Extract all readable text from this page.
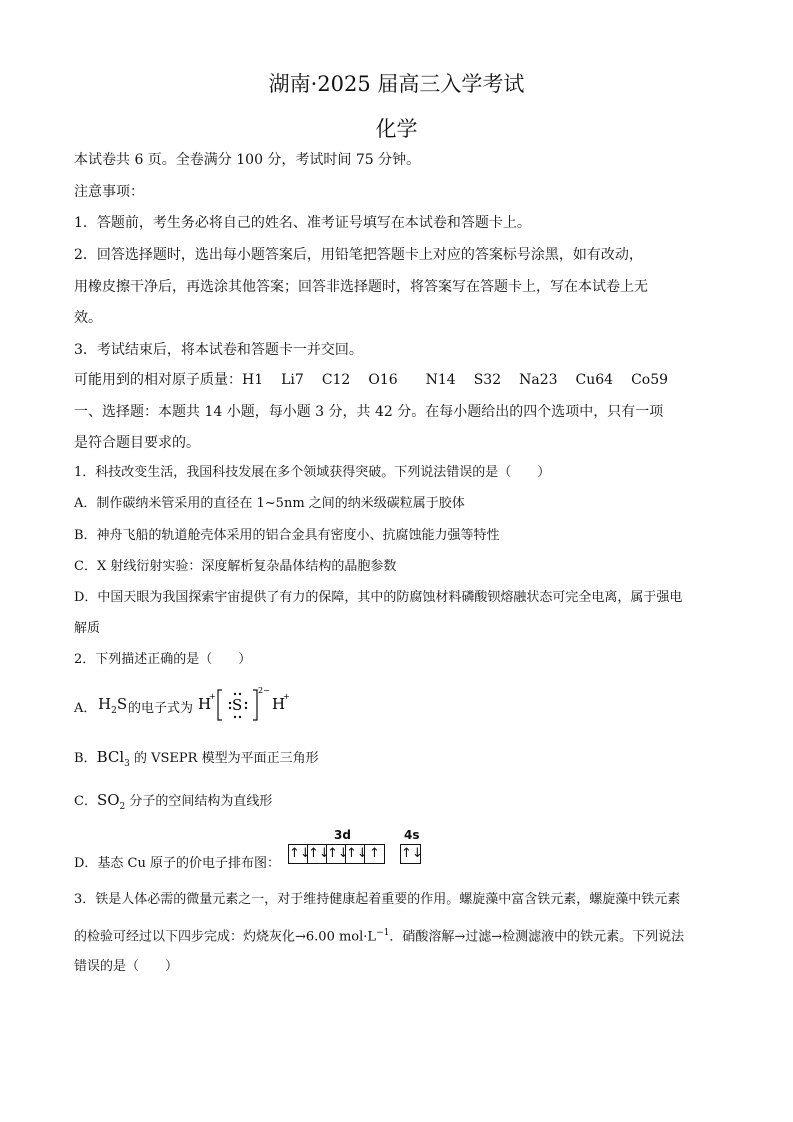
湖南·2025 届高三入学考试
化学
本试卷共 6 页。全卷满分 100 分，考试时间 75 分钟。
注意事项：
1．答题前，考生务必将自己的姓名、准考证号填写在本试卷和答题卡上。
2．回答选择题时，选出每小题答案后，用铅笔把答题卡上对应的答案标号涂黑，如有改动，
用橡皮擦干净后，再选涂其他答案；回答非选择题时，将答案写在答题卡上，写在本试卷上无
效。
3．考试结束后，将本试卷和答题卡一并交回。
可能用到的相对原子质量：H1 Li7 C12 O16 N14 S32 Na23 Cu64 Co59
一、选择题：本题共 14 小题，每小题 3 分，共 42 分。在每小题给出的四个选项中，只有一项
是符合题目要求的。
1．科技改变生活，我国科技发展在多个领域获得突破。下列说法错误的是（　　）
A．制作碳纳米管采用的直径在 1~5nm 之间的纳米级碳粒属于胶体
B．神舟飞船的轨道舱壳体采用的铝合金具有密度小、抗腐蚀能力强等特性
C．X 射线衍射实验：深度解析复杂晶体结构的晶胞参数
D．中国天眼为我国探索宇宙提供了有力的保障，其中的防腐蚀材料磷酸钡熔融状态可完全电离，属于强电
解质
2．下列描述正确的是（　　）
A． $H_2S$ 的电子式为 H
+ S
2−
H
+
B．BCl$_3$ 的 VSEPR 模型为平面正三角形
C．$SO_2$ 分子的空间结构为直线形
D．基态 Cu 原子的价电子排布图：
3d	4s
↑↓
↑↓
↑↓
↑↓ ↑	↑↓
3．铁是人体必需的微量元素之一，对于维持健康起着重要的作用。螺旋藻中富含铁元素，螺旋藻中铁元素
的检验可经过以下四步完成：灼烧灰化→6.00 $mol\cdot L^{-1}$．硝酸溶解→过滤→检测滤液中的铁元素。下列说法
错误的是（　　）
